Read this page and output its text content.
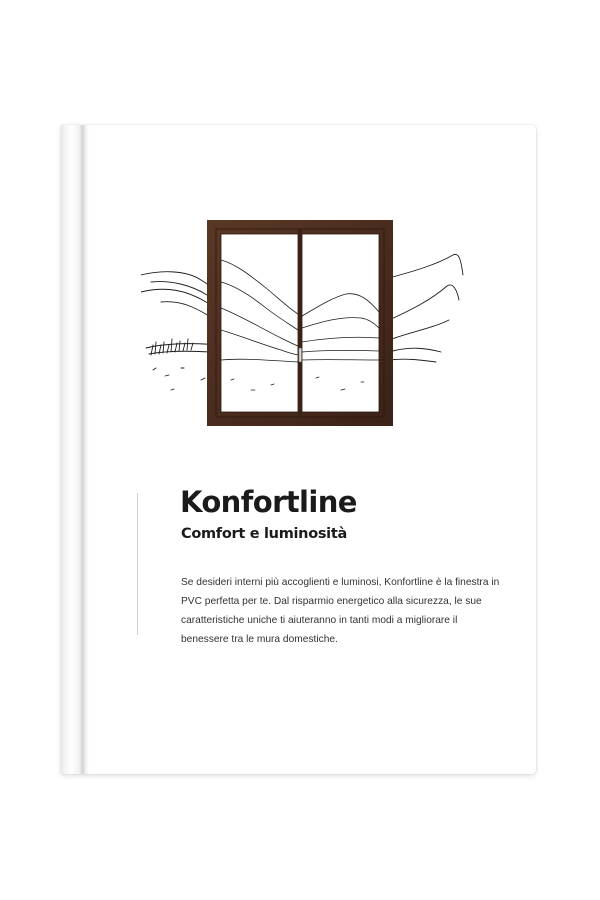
Konfortline
Comfort e luminosità

Se desideri interni più accoglienti e luminosi, Konfortline è la finestra in PVC perfetta per te. Dal risparmio energetico alla sicurezza, le sue caratteristiche uniche ti aiuteranno in tanti modi a migliorare il benessere tra le mura domestiche.
